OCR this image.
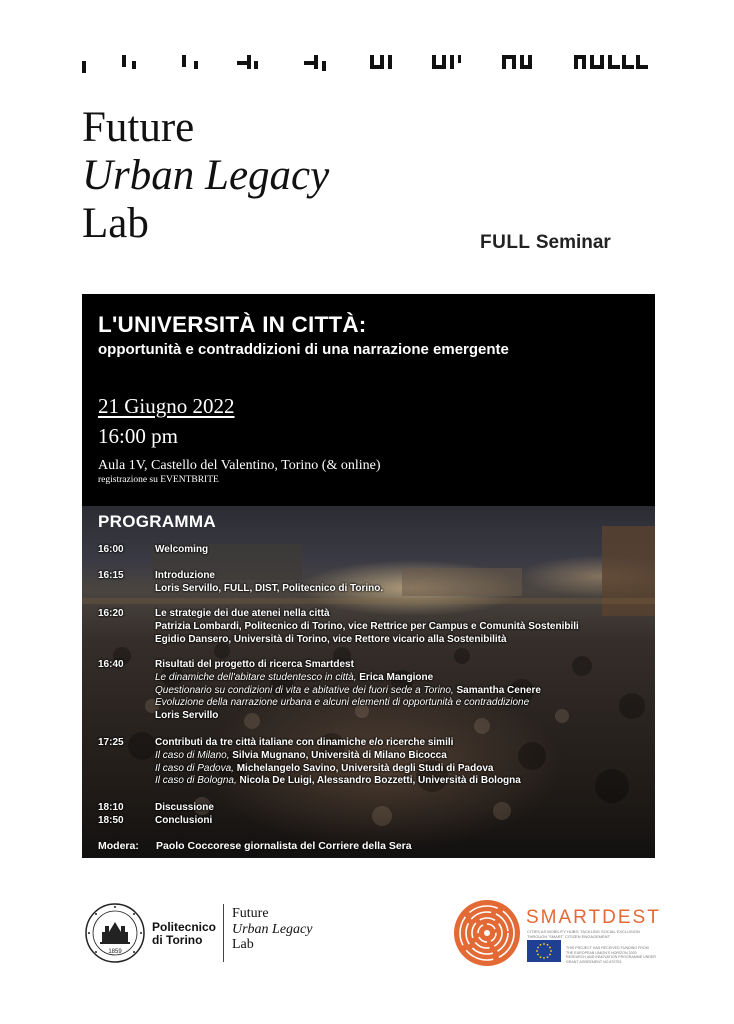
Future
Urban Legacy
Lab	FULL Seminar
L'UNIVERSITÀ IN CITTÀ:
opportunità e contraddizioni di una narrazione emergente
21 Giugno 2022
16:00 pm
Aula 1V, Castello del Valentino, Torino (& online)
registrazione su EVENTBRITE
PROGRAMMA
16:00	Welcoming
16:15	Introduzione
Loris Servillo, FULL, DIST, Politecnico di Torino.
16:20	Le strategie dei due atenei nella città
Patrizia Lombardi, Politecnico di Torino, vice Rettrice per Campus e Comunità Sostenibili
Egidio Dansero, Università di Torino, vice Rettore vicario alla Sostenibilità
16:40	Risultati del progetto di ricerca Smartdest
Le dinamiche dell'abitare studentesco in città, Erica Mangione
Questionario su condizioni di vita e abitative dei fuori sede a Torino, Samantha Cenere
Evoluzione della narrazione urbana e alcuni elementi di opportunità e contraddizione
Loris Servillo
17:25	Contributi da tre città italiane con dinamiche e/o ricerche simili
Il caso di Milano, Silvia Mugnano, Università di Milano Bicocca
Il caso di Padova, Michelangelo Savino, Università degli Studi di Padova
Il caso di Bologna, Nicola De Luigi, Alessandro Bozzetti, Università di Bologna
18:10	Discussione
18:50	Conclusioni
Modera: Paolo Coccorese giornalista del Corriere della Sera
1859
Politecnico
di Torino
Future
Urban Legacy
Lab
SMARTDEST
CITIES AS MOBILITY HUBS: TACKLING SOCIAL EXCLUSION THROUGH 'SMART' CITIZEN ENGAGEMENT
THIS PROJECT HAS RECEIVED FUNDING FROM THE EUROPEAN UNION'S HORIZON 2020 RESEARCH AND INNOVATION PROGRAMME UNDER GRANT AGREEMENT NO 870753
